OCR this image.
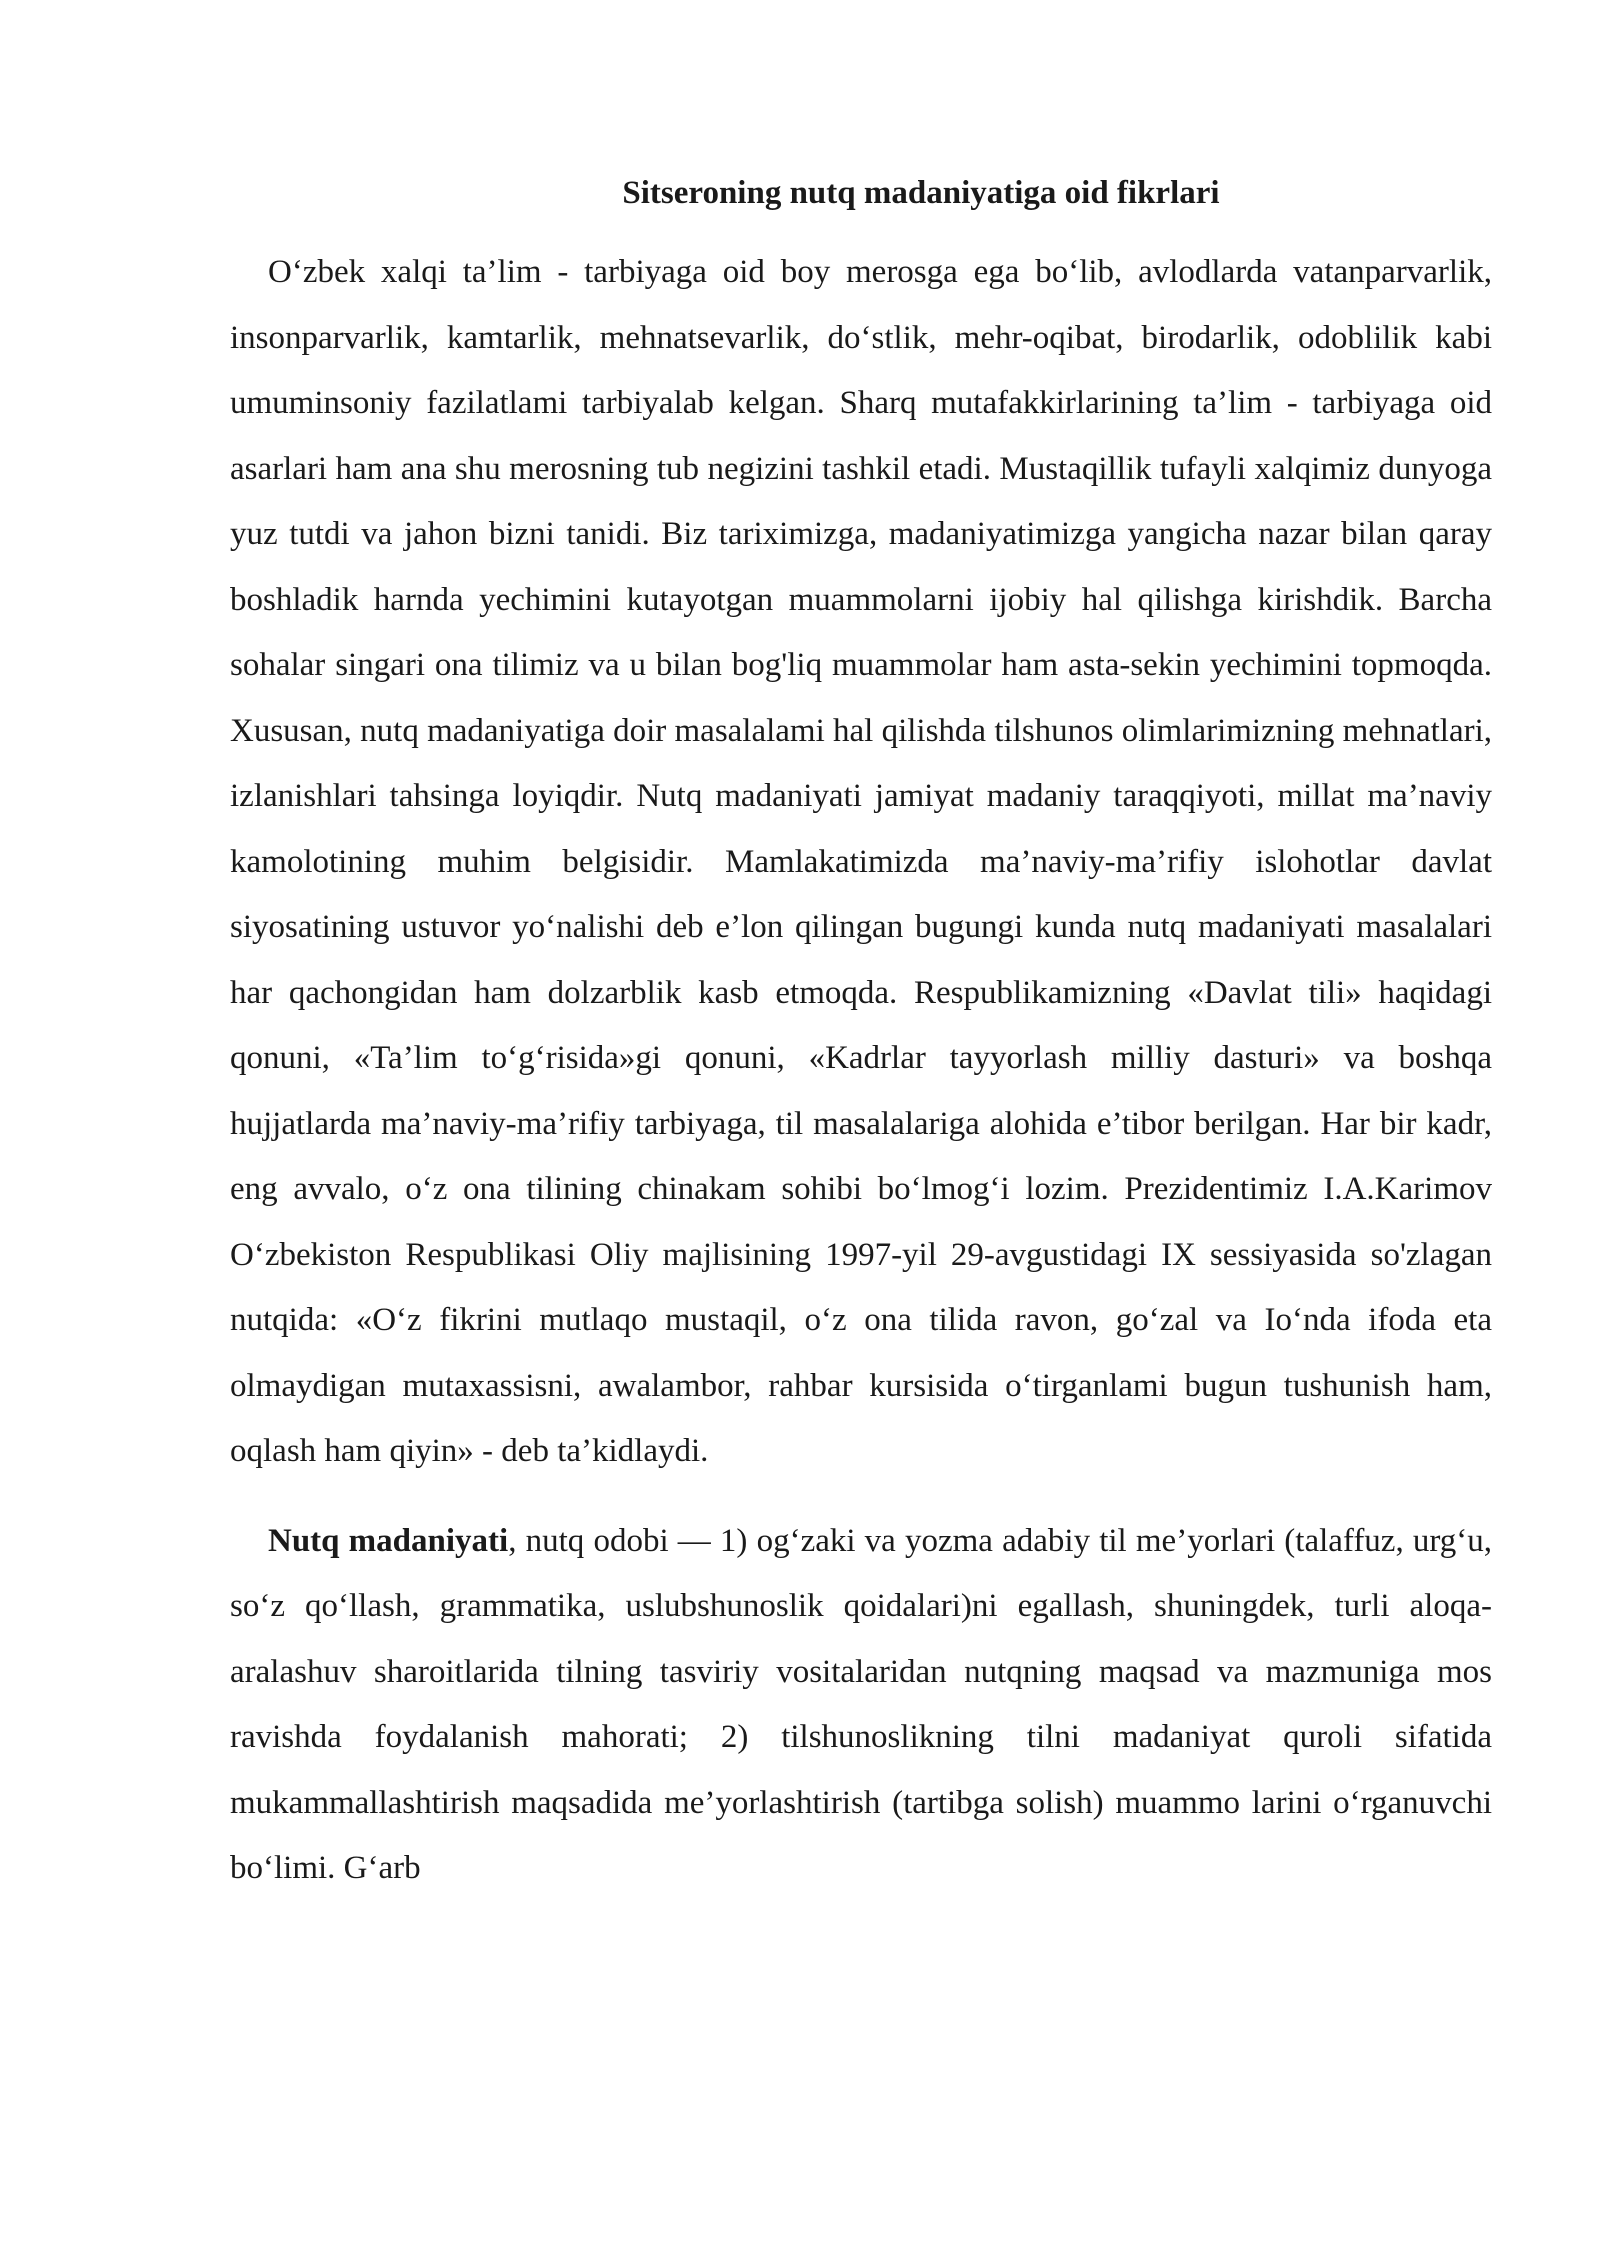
Sitseroning nutq madaniyatiga oid fikrlari

O‘zbek xalqi ta’lim - tarbiyaga oid boy merosga ega bo‘lib, avlodlarda vatanparvarlik, insonparvarlik, kamtarlik, mehnatsevarlik, do‘stlik, mehr-oqibat, birodarlik, odoblilik kabi umuminsoniy fazilatlami tarbiyalab kelgan. Sharq mutafakkirlarining ta’lim - tarbiyaga oid asarlari ham ana shu merosning tub negizini tashkil etadi. Mustaqillik tufayli xalqimiz dunyoga yuz tutdi va jahon bizni tanidi. Biz tariximizga, madaniyatimizga yangicha nazar bilan qaray boshladik harnda yechimini kutayotgan muammolarni ijobiy hal qilishga kirishdik. Barcha sohalar singari ona tilimiz va u bilan bog'liq muammolar ham asta-sekin yechimini topmoqda. Xususan, nutq madaniyatiga doir masalalami hal qilishda tilshunos olimlarimizning mehnatlari, izlanishlari tahsinga loyiqdir. Nutq madaniyati jamiyat madaniy taraqqiyoti, millat ma’naviy kamolotining muhim belgisidir. Mamlakatimizda ma’naviy-ma’rifiy islohotlar davlat siyosatining ustuvor yo‘nalishi deb e’lon qilingan bugungi kunda nutq madaniyati masalalari har qachongidan ham dolzarblik kasb etmoqda. Respublikamizning «Davlat tili» haqidagi qonuni, «Ta’lim to‘g‘risida»gi qonuni, «Kadrlar tayyorlash milliy dasturi» va boshqa hujjatlarda ma’naviy-ma’rifiy tarbiyaga, til masalalariga alohida e’tibor berilgan. Har bir kadr, eng avvalo, o‘z ona tilining chinakam sohibi bo‘lmog‘i lozim. Prezidentimiz I.A.Karimov O‘zbekiston Respublikasi Oliy majlisining 1997-yil 29-avgustidagi IX sessiyasida so'zlagan nutqida: «O‘z fikrini mutlaqo mustaqil, o‘z ona tilida ravon, go‘zal va Io‘nda ifoda eta olmaydigan mutaxassisni, awalambor, rahbar kursisida o‘tirganlami bugun tushunish ham, oqlash ham qiyin» - deb ta’kidlaydi.

Nutq madaniyati, nutq odobi — 1) og‘zaki va yozma adabiy til me’yorlari (talaffuz, urg‘u, so‘z qo‘llash, grammatika, uslubshunoslik qoidalari)ni egallash, shuningdek, turli aloqa-aralashuv sharoitlarida tilning tasviriy vositalaridan nutqning maqsad va mazmuniga mos ravishda foydalanish mahorati; 2) tilshunoslikning tilni madaniyat quroli sifatida mukammallashtirish maqsadida me’yorlashtirish (tartibga solish) muammo larini o‘rganuvchi bo‘limi. G‘arb
